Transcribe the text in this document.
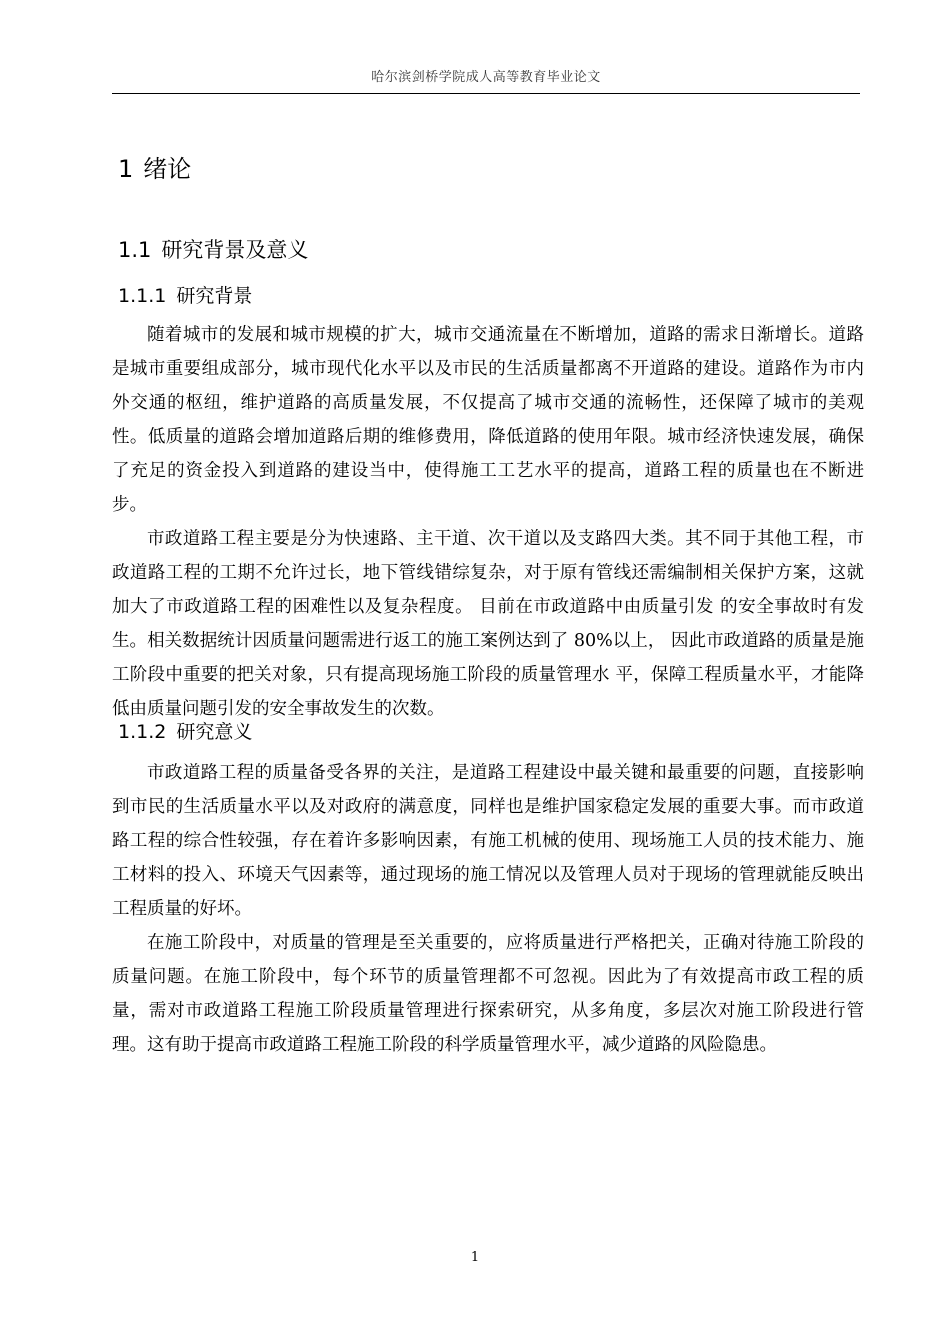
哈尔滨剑桥学院成人高等教育毕业论文
1 绪论
1.1 研究背景及意义
1.1.1 研究背景

随着城市的发展和城市规模的扩大，城市交通流量在不断增加，道路的需求日渐增长。道路是城市重要组成部分，城市现代化水平以及市民的生活质量都离不开道路的建设。道路作为市内外交通的枢纽，维护道路的高质量发展，不仅提高了城市交通的流畅性，还保障了城市的美观性。低质量的道路会增加道路后期的维修费用，降低道路的使用年限。城市经济快速发展，确保了充足的资金投入到道路的建设当中，使得施工工艺水平的提高，道路工程的质量也在不断进步。

市政道路工程主要是分为快速路、主干道、次干道以及支路四大类。其不同于其他工程，市政道路工程的工期不允许过长，地下管线错综复杂，对于原有管线还需编制相关保护方案，这就加大了市政道路工程的困难性以及复杂程度。 目前在市政道路中由质量引发 的安全事故时有发生。相关数据统计因质量问题需进行返工的施工案例达到了 80%以上， 因此市政道路的质量是施工阶段中重要的把关对象，只有提高现场施工阶段的质量管理水 平，保障工程质量水平，才能降低由质量问题引发的安全事故发生的次数。

1.1.2 研究意义

市政道路工程的质量备受各界的关注，是道路工程建设中最关键和最重要的问题，直接影响到市民的生活质量水平以及对政府的满意度，同样也是维护国家稳定发展的重要大事。而市政道路工程的综合性较强，存在着许多影响因素，有施工机械的使用、现场施工人员的技术能力、施工材料的投入、环境天气因素等，通过现场的施工情况以及管理人员对于现场的管理就能反映出工程质量的好坏。

在施工阶段中，对质量的管理是至关重要的，应将质量进行严格把关，正确对待施工阶段的质量问题。在施工阶段中，每个环节的质量管理都不可忽视。因此为了有效提高市政工程的质量，需对市政道路工程施工阶段质量管理进行探索研究，从多角度，多层次对施工阶段进行管理。这有助于提高市政道路工程施工阶段的科学质量管理水平，减少道路的风险隐患。

1
